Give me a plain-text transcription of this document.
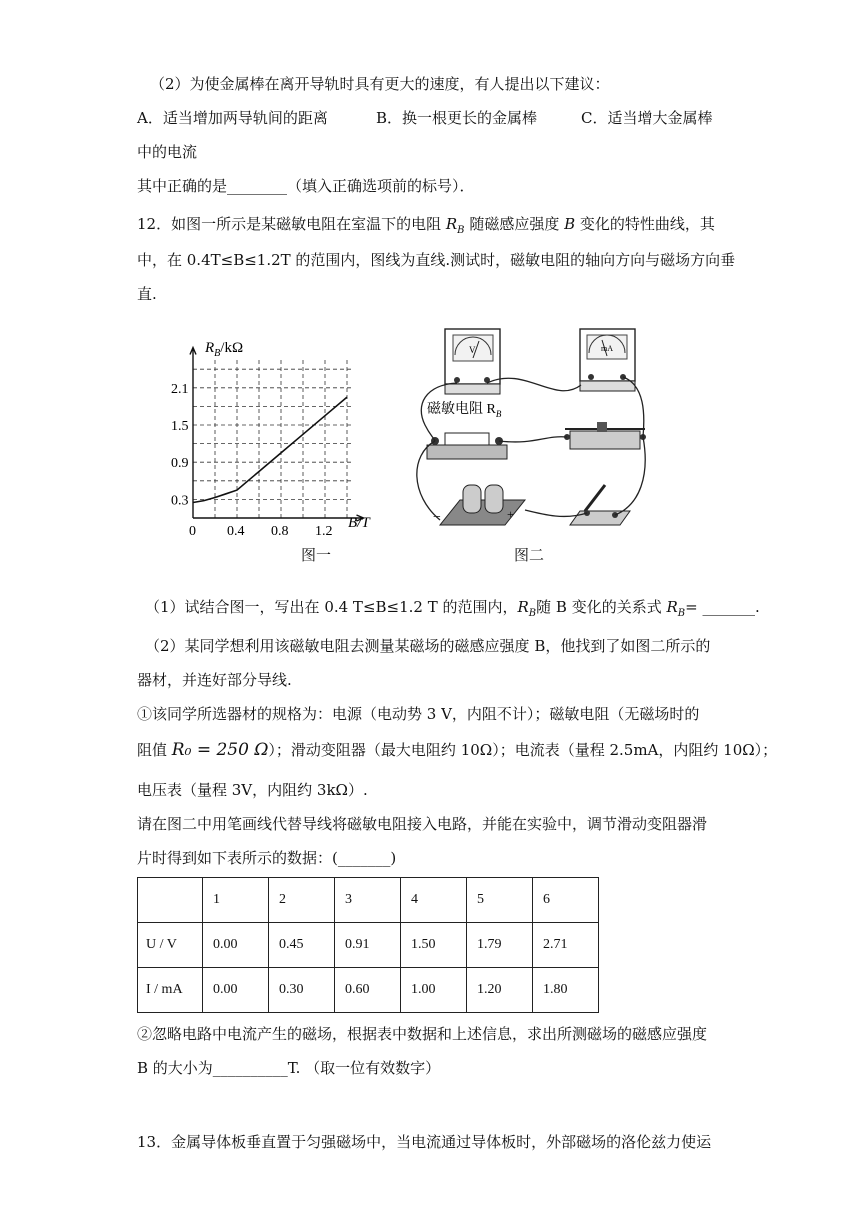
（2）为使金属棒在离开导轨时具有更大的速度，有人提出以下建议：
A．适当增加两导轨间的距离	B．换一根更长的金属棒	C．适当增大金属棒
中的电流
其中正确的是________（填入正确选项前的标号）．
12．如图一所示是某磁敏电阻在室温下的电阻 $R_B$ 随磁感应强度 B 变化的特性曲线，其
中，在 0.4T≤B≤1.2T 的范围内，图线为直线.测试时，磁敏电阻的轴向方向与磁场方向垂
直.
$R_B/k\Omega$
B/T
2.1
1.5
0.9
0.3
0 0.4 0.8 1.2
图一
V	mA
磁敏电阻 $R_B$
−	+
图二
（1）试结合图一，写出在 0.4 T≤B≤1.2 T 的范围内，$R_B$随 B 变化的关系式 $R_B=$ _______.
（2）某同学想利用该磁敏电阻去测量某磁场的磁感应强度 B，他找到了如图二所示的
器材，并连好部分导线.
①该同学所选器材的规格为：电源（电动势 3 V，内阻不计）；磁敏电阻（无磁场时的
阻值 R₀ = 250 Ω）；滑动变阻器（最大电阻约 10Ω）；电流表（量程 2.5mA，内阻约 10Ω）；
电压表（量程 3V，内阻约 3kΩ）.
请在图二中用笔画线代替导线将磁敏电阻接入电路，并能在实验中，调节滑动变阻器滑
片时得到如下表所示的数据：(_______)
	1	2	3	4	5	6
U / V	0.00	0.45	0.91	1.50	1.79	2.71
I / mA	0.00	0.30	0.60	1.00	1.20	1.80
②忽略电路中电流产生的磁场，根据表中数据和上述信息，求出所测磁场的磁感应强度
B 的大小为__________T. （取一位有效数字）
13．金属导体板垂直置于匀强磁场中，当电流通过导体板时，外部磁场的洛伦兹力使运
